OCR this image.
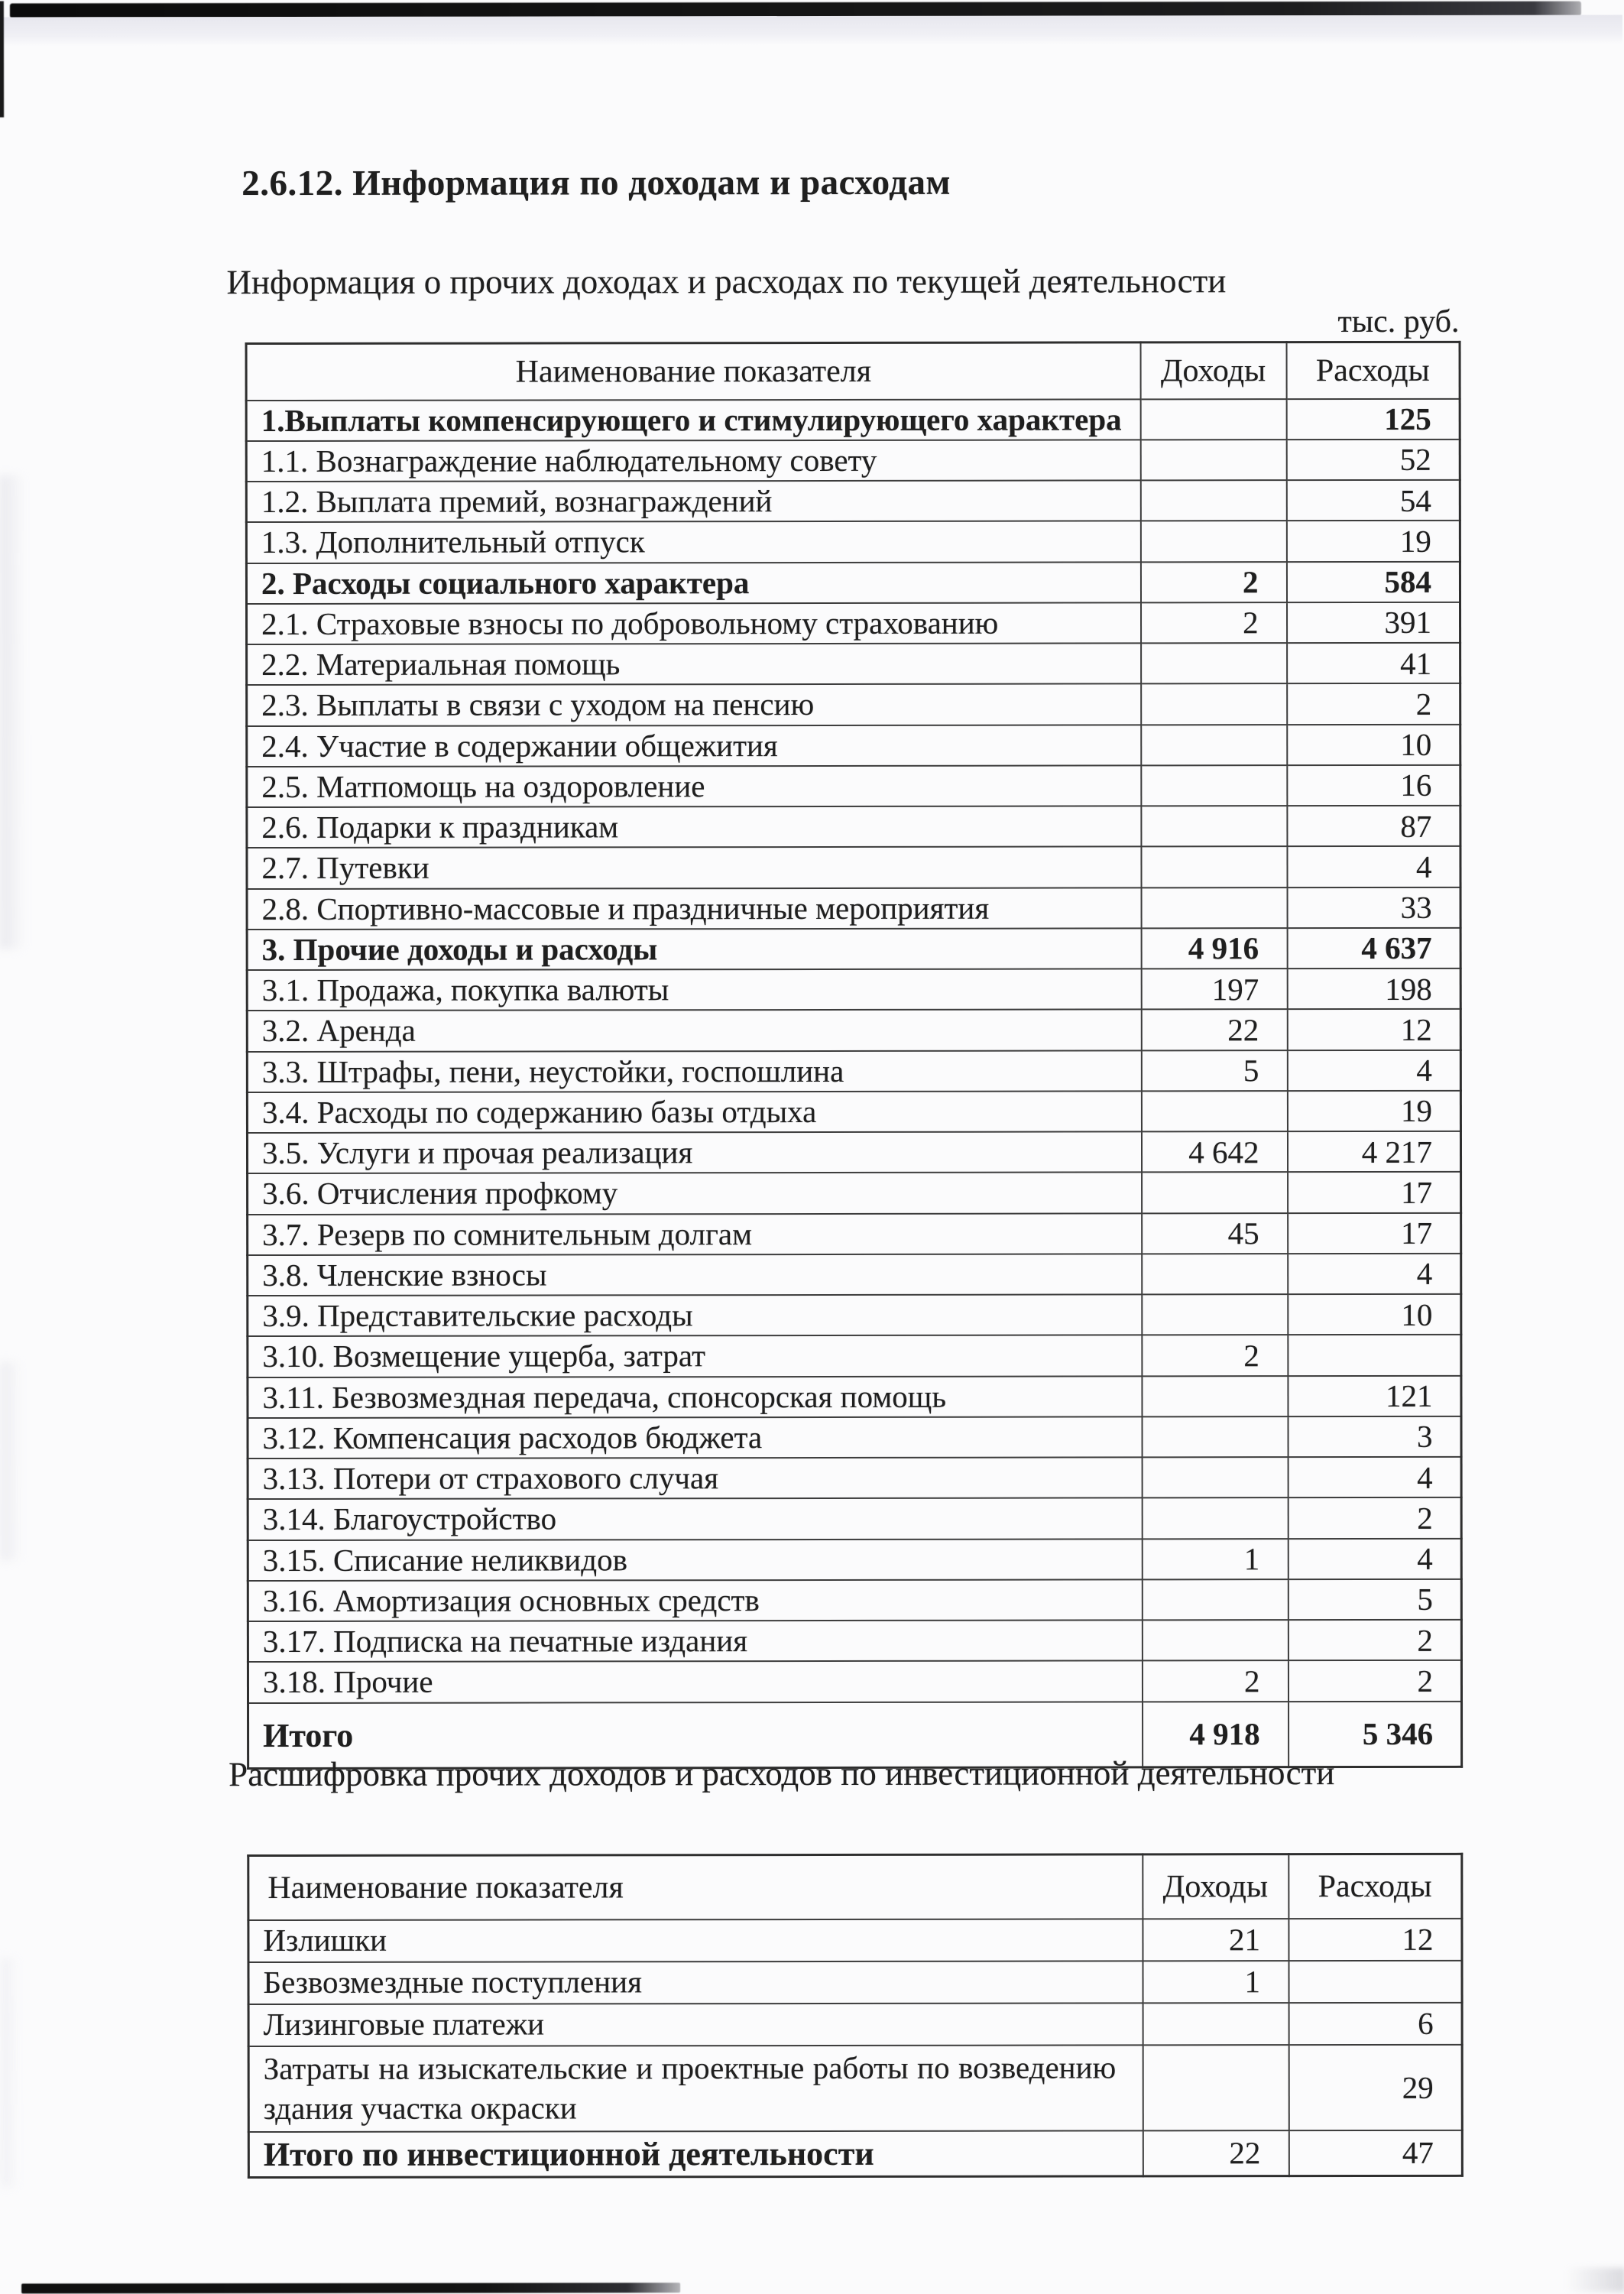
2.6.12. Информация по доходам и расходам
Информация о прочих доходах и расходах по текущей деятельности
тыс. руб.
Наименование показателя	Доходы	Расходы
1.Выплаты компенсирующего и стимулирующего характера		125
1.1. Вознаграждение наблюдательному совету		52
1.2. Выплата премий, вознаграждений		54
1.3. Дополнительный отпуск		19
2. Расходы социального характера	2	584
2.1. Страховые взносы по добровольному страхованию	2	391
2.2. Материальная помощь		41
2.3. Выплаты в связи с уходом на пенсию		2
2.4. Участие в содержании общежития		10
2.5. Матпомощь на оздоровление		16
2.6. Подарки к праздникам		87
2.7. Путевки		4
2.8. Спортивно-массовые и праздничные мероприятия		33
3. Прочие доходы и расходы	4 916	4 637
3.1. Продажа, покупка валюты	197	198
3.2. Аренда	22	12
3.3. Штрафы, пени, неустойки, госпошлина	5	4
3.4. Расходы по содержанию базы отдыха		19
3.5. Услуги и прочая реализация	4 642	4 217
3.6. Отчисления профкому		17
3.7. Резерв по сомнительным долгам	45	17
3.8. Членские взносы		4
3.9. Представительские расходы		10
3.10. Возмещение ущерба, затрат	2	
3.11. Безвозмездная передача, спонсорская помощь		121
3.12. Компенсация расходов бюджета		3
3.13. Потери от страхового случая		4
3.14. Благоустройство		2
3.15. Списание неликвидов	1	4
3.16. Амортизация основных средств		5
3.17. Подписка на печатные издания		2
3.18. Прочие	2	2
Итого	4 918	5 346
Расшифровка прочих доходов и расходов по инвестиционной деятельности
Наименование показателя	Доходы	Расходы
Излишки	21	12
Безвозмездные поступления	1	
Лизинговые платежи		6
Затраты на изыскательские и проектные работы по возведению здания участка окраски		29
Итого по инвестиционной деятельности	22	47
